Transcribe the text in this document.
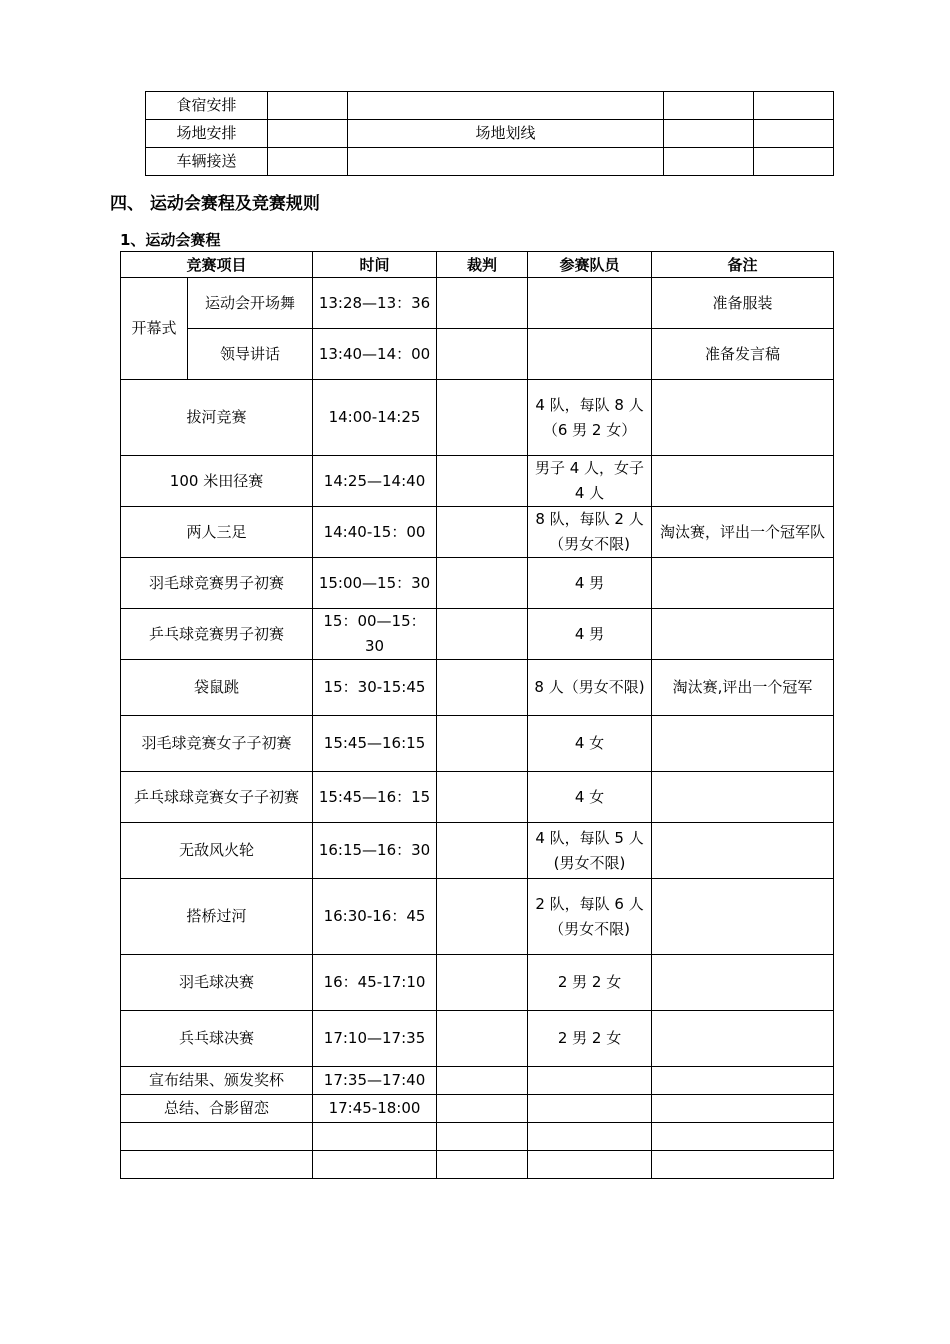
食宿安排				
场地安排		场地划线		
车辆接送				
四、 运动会赛程及竞赛规则
1、运动会赛程
竞赛项目		时间	裁判	参赛队员	备注
开幕式	运动会开场舞	13:28—13：36			准备服装
	领导讲话	13:40—14：00			准备发言稿
拔河竞赛		14:00-14:25		4 队，每队 8 人（6 男 2 女）	
100 米田径赛		14:25—14:40		男子 4 人，女子 4 人	
两人三足		14:40-15：00		8 队，每队 2 人（男女不限)	淘汰赛，评出一个冠军队
羽毛球竞赛男子初赛		15:00—15：30		4 男	
乒乓球竞赛男子初赛		15：00—15：30		4 男	
袋鼠跳		15：30-15:45		8 人（男女不限)	淘汰赛,评出一个冠军
羽毛球竞赛女子子初赛		15:45—16:15		4 女	
乒乓球球竞赛女子子初赛		15:45—16：15		4 女	
无敌风火轮		16:15—16：30		4 队，每队 5 人(男女不限)	
搭桥过河		16:30-16：45		2 队，每队 6 人（男女不限)	
羽毛球决赛		16：45-17:10		2 男 2 女	
兵乓球决赛		17:10—17:35		2 男 2 女	
宣布结果、颁发奖杯		17:35—17:40			
总结、合影留恋		17:45-18:00			
